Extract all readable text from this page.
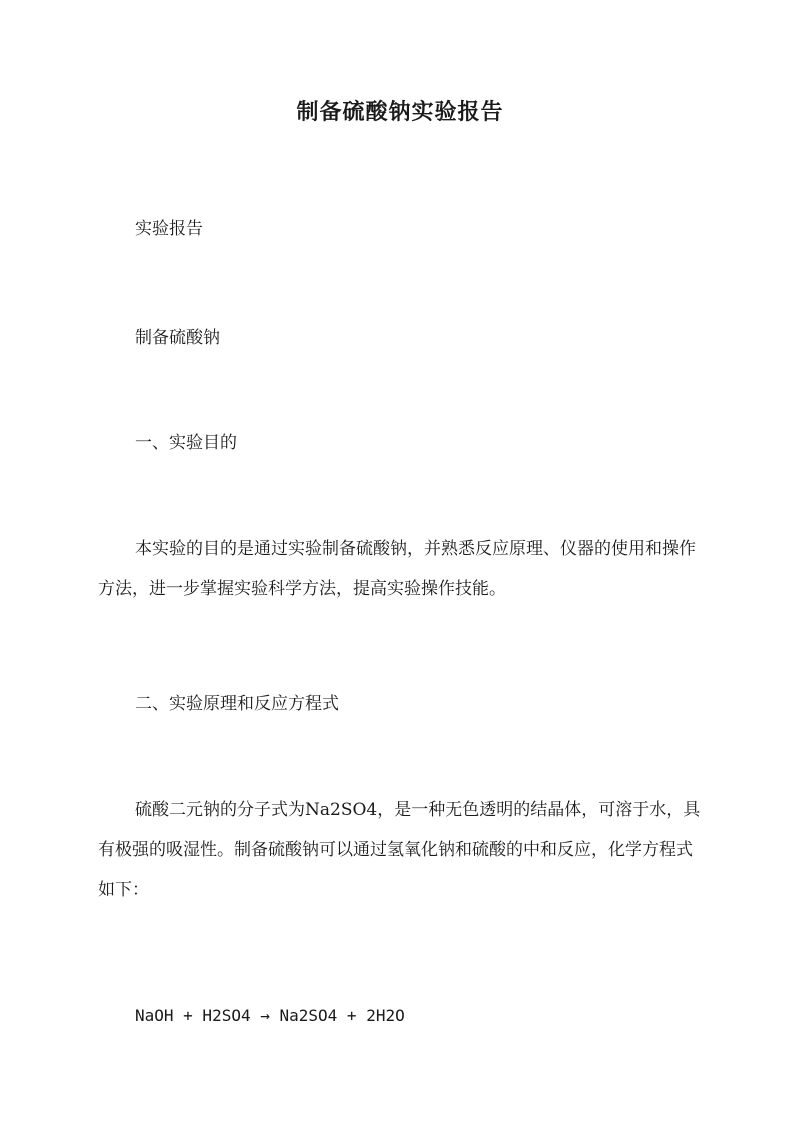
制备硫酸钠实验报告

实验报告

制备硫酸钠

一、实验目的

本实验的目的是通过实验制备硫酸钠，并熟悉反应原理、仪器的使用和操作方法，进一步掌握实验科学方法，提高实验操作技能。

二、实验原理和反应方程式

硫酸二元钠的分子式为Na2SO4，是一种无色透明的结晶体，可溶于水，具有极强的吸湿性。制备硫酸钠可以通过氢氧化钠和硫酸的中和反应，化学方程式如下：

NaOH + H2SO4 → Na2SO4 + 2H2O
